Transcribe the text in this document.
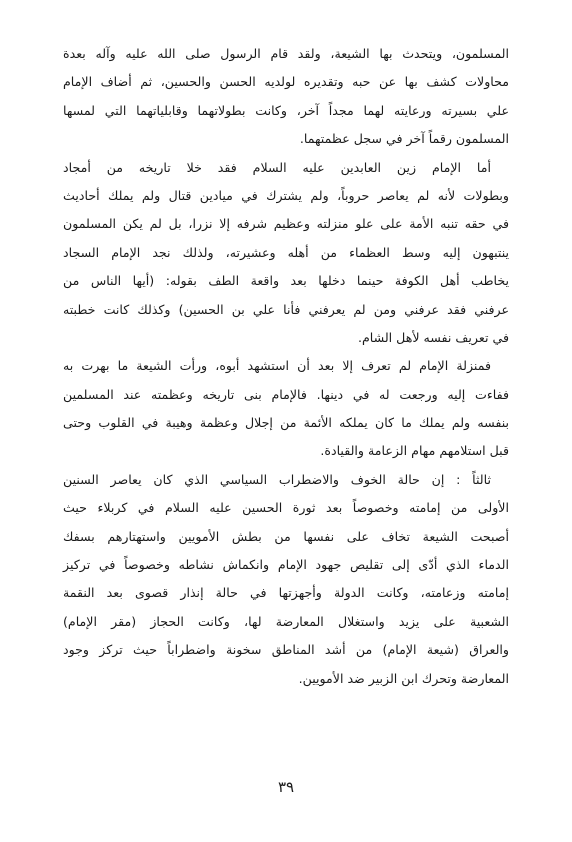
المسلمون، ويتحدث بها الشيعة، ولقد قام الرسول صلى الله عليه وآله بعدة
محاولات كشف بها عن حبه وتقديره لولديه الحسن والحسين، ثم أضاف الإمام
علي بسيرته ورعايته لهما مجداً آخر، وكانت بطولاتهما وقابلياتهما التي لمسها
المسلمون رقماً آخر في سجل عظمتهما.
أما الإمام زين العابدين عليه السلام فقد خلا تاريخه من أمجاد
وبطولات لأنه لم يعاصر حروباً، ولم يشترك في ميادين قتال ولم يملك أحاديث
في حقه تنبه الأمة على علو منزلته وعظيم شرفه إلا نزرا، بل لم يكن المسلمون
ينتبهون إليه وسط العظماء من أهله وعشيرته، ولذلك نجد الإمام السجاد
يخاطب أهل الكوفة حينما دخلها بعد واقعة الطف بقوله: (أيها الناس من
عرفني فقد عرفني ومن لم يعرفني فأنا علي بن الحسين) وكذلك كانت خطبته
في تعريف نفسه لأهل الشام.
فمنزلة الإمام لم تعرف إلا بعد أن استشهد أبوه، ورأت الشيعة ما بهرت به
ففاءت إليه ورجعت له في دينها. فالإمام بنى تاريخه وعظمته عند المسلمين
بنفسه ولم يملك ما كان يملكه الأئمة من إجلال وعظمة وهيبة في القلوب وحتى
قبل استلامهم مهام الزعامة والقيادة.
ثالثاً : إن حالة الخوف والاضطراب السياسي الذي كان يعاصر السنين
الأولى من إمامته وخصوصاً بعد ثورة الحسين عليه السلام في كربلاء حيث
أصبحت الشيعة تخاف على نفسها من بطش الأمويين واستهتارهم بسفك
الدماء الذي أدّى إلى تقليص جهود الإمام وانكماش نشاطه وخصوصاً في تركيز
إمامته وزعامته، وكانت الدولة وأجهزتها في حالة إنذار قصوى بعد النقمة
الشعبية على يزيد واستغلال المعارضة لها، وكانت الحجاز (مقر الإمام)
والعراق (شيعة الإمام) من أشد المناطق سخونة واضطراباً حيث تركز وجود
المعارضة وتحرك ابن الزبير ضد الأمويين.
٣٩
